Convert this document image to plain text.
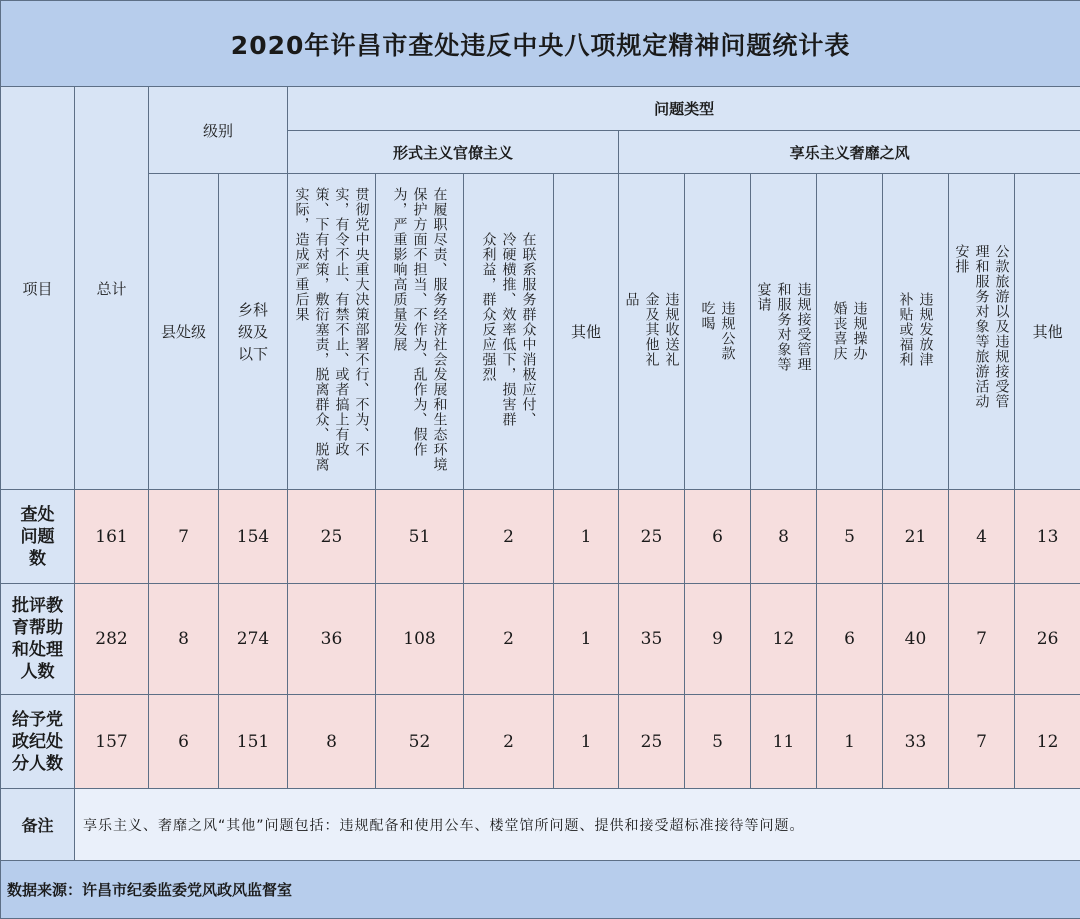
2020年许昌市查处违反中央八项规定精神问题统计表														
项目	总计	级别		问题类型										
				形式主义官僚主义				享乐主义奢靡之风						
		县处级	乡科级及以下	贯彻党中央重大决策部署不行、不为、不实，有令不止、有禁不止、或者搞上有政策、下有对策，敷衍塞责，脱离群众、脱离实际，造成严重后果	在履职尽责、服务经济社会发展和生态环境保护方面不担当、不作为、乱作为、假作为，严重影响高质量发展	在联系服务群众中消极应付、冷硬横推、效率低下，损害群众利益，群众反应强烈	其他	违规收送礼金及其他礼品	违规公款吃喝	违规接受管理和服务对象等宴请	违规操办婚丧喜庆	违规发放津补贴或福利	公款旅游以及违规接受管理和服务对象等旅游活动安排	其他
查处问题数	161	7	154	25	51	2	1	25	6	8	5	21	4	13
批评教育帮助和处理人数	282	8	274	36	108	2	1	35	9	12	6	40	7	26
给予党政纪处分人数	157	6	151	8	52	2	1	25	5	11	1	33	7	12
备注	享乐主义、奢靡之风“其他”问题包括：违规配备和使用公车、楼堂馆所问题、提供和接受超标准接待等问题。													
数据来源：许昌市纪委监委党风政风监督室														
